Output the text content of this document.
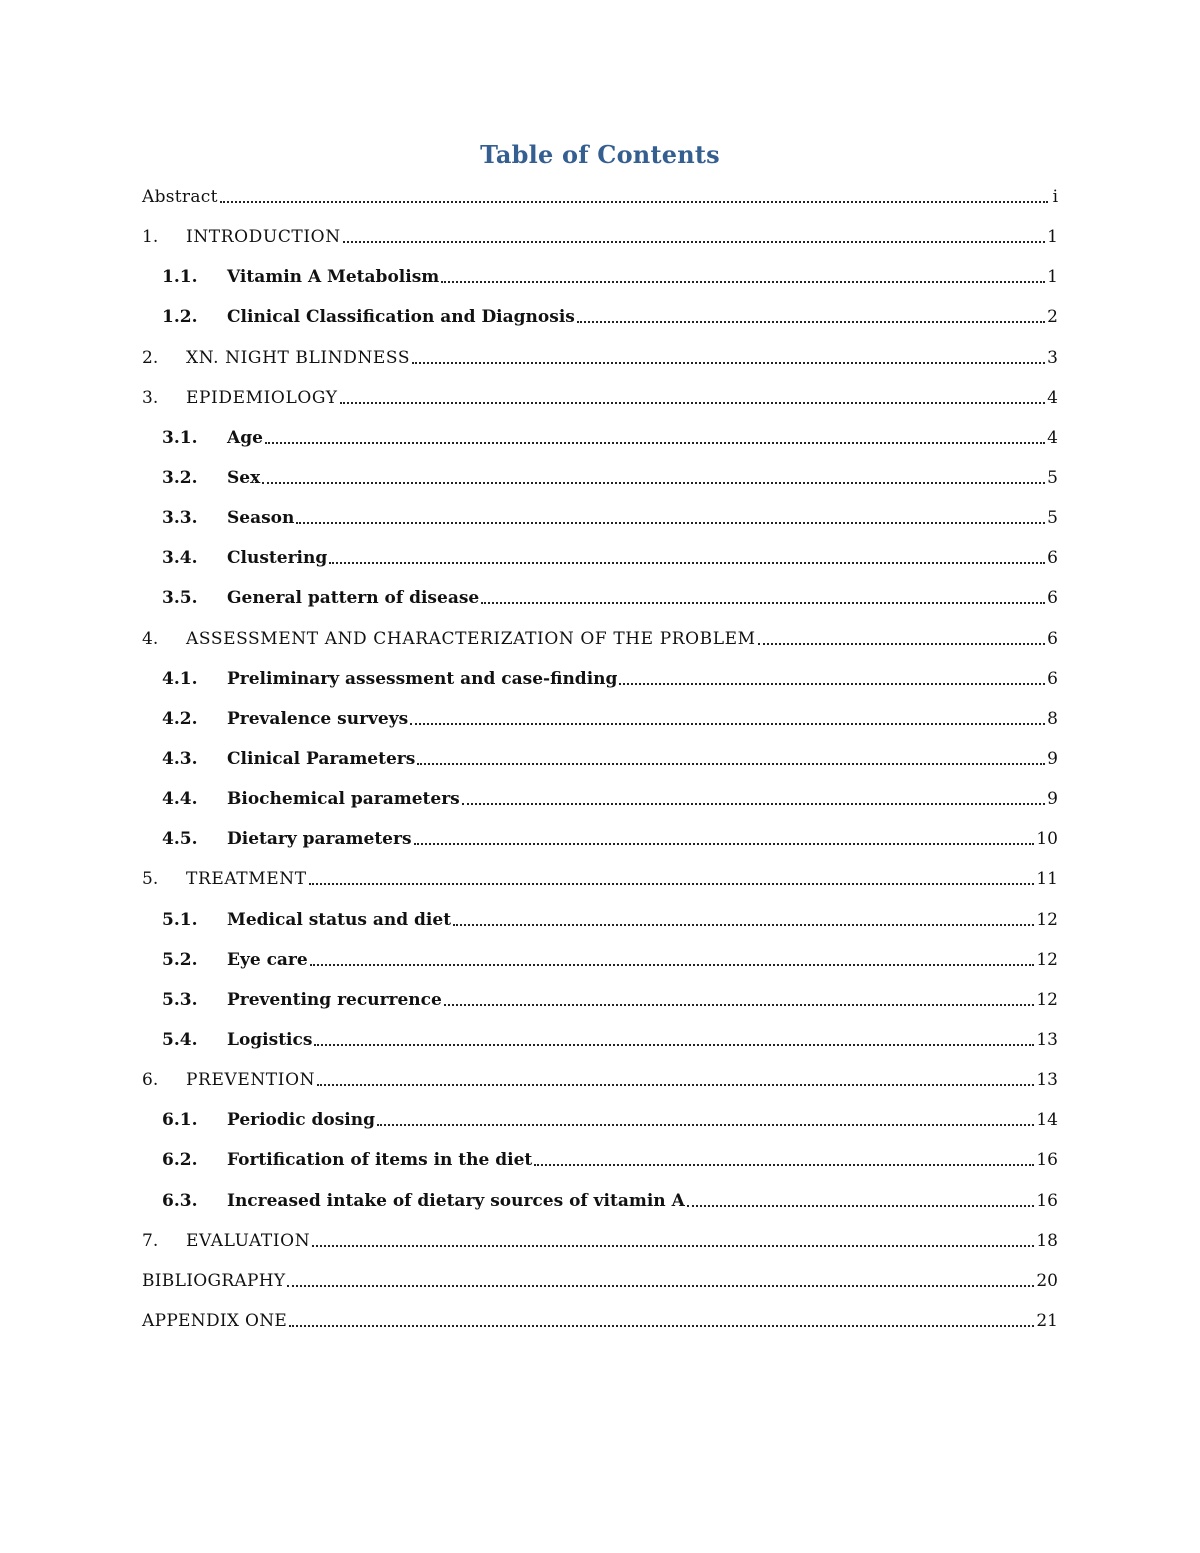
Table of Contents
Abstract	i
1.	INTRODUCTION	1
1.1.	Vitamin A Metabolism	1
1.2.	Clinical Classification and Diagnosis	2
2.	XN. NIGHT BLINDNESS	3
3.	EPIDEMIOLOGY	4
3.1.	Age	4
3.2.	Sex	5
3.3.	Season	5
3.4.	Clustering	6
3.5.	General pattern of disease	6
4.	ASSESSMENT AND CHARACTERIZATION OF THE PROBLEM	6
4.1.	Preliminary assessment and case-finding	6
4.2.	Prevalence surveys	8
4.3.	Clinical Parameters	9
4.4.	Biochemical parameters	9
4.5.	Dietary parameters	10
5.	TREATMENT	11
5.1.	Medical status and diet	12
5.2.	Eye care	12
5.3.	Preventing recurrence	12
5.4.	Logistics	13
6.	PREVENTION	13
6.1.	Periodic dosing	14
6.2.	Fortification of items in the diet	16
6.3.	Increased intake of dietary sources of vitamin A	16
7.	EVALUATION	18
BIBLIOGRAPHY	20
APPENDIX ONE	21
